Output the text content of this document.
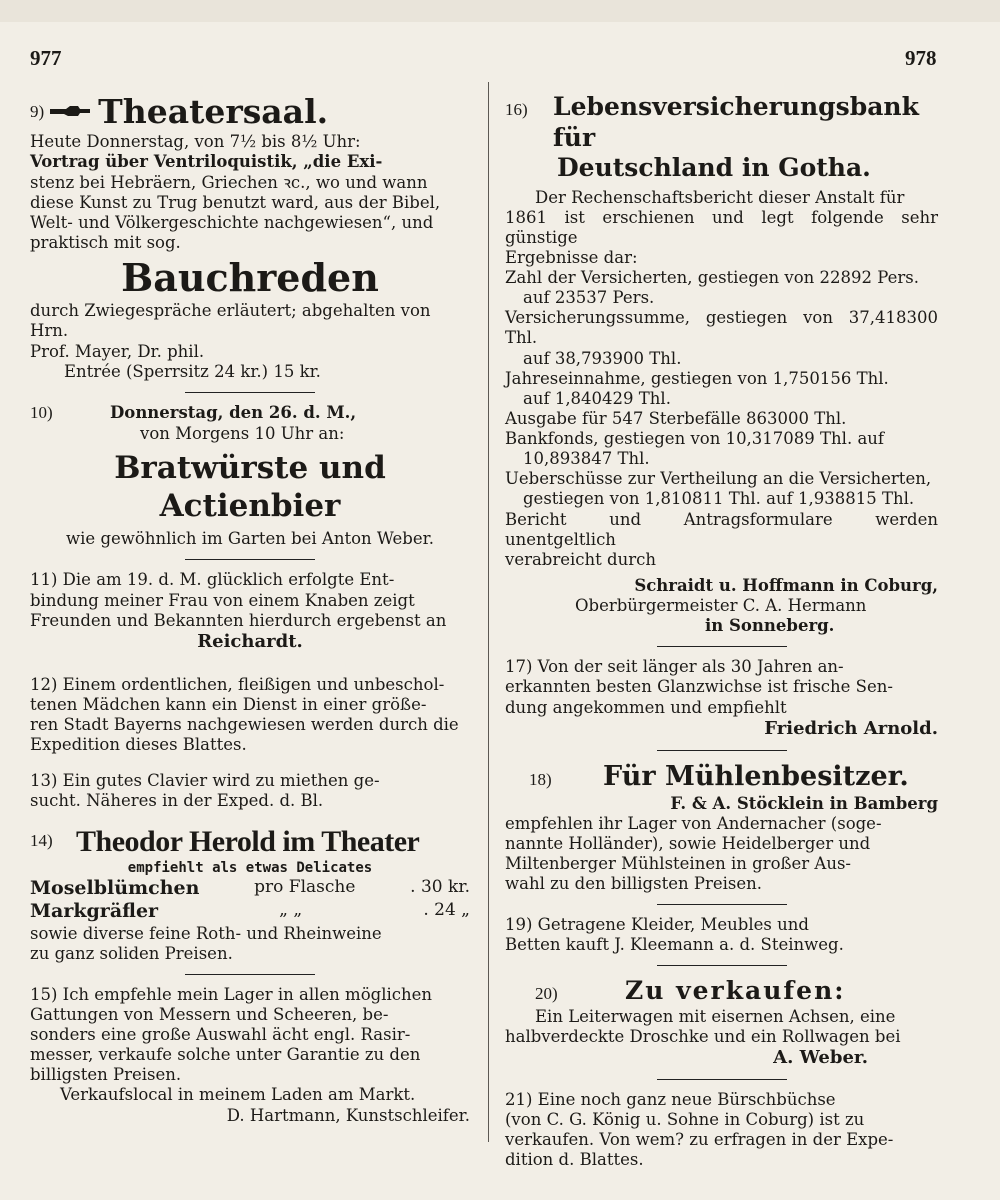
977	978
9) Theatersaal.

Heute Donnerstag, von 7½ bis 8½ Uhr:

Vortrag über Ventriloquistik, „die Exi-

stenz bei Hebräern, Griechen ꝛc., wo und wann

diese Kunst zu Trug benutzt ward, aus der Bibel,

Welt- und Völkergeschichte nachgewiesen“, und

praktisch mit sog.

Bauchreden

durch Zwiegespräche erläutert; abgehalten von Hrn.

Prof. Mayer, Dr. phil.

Entrée (Sperrsitz 24 kr.) 15 kr.

10)	Donnerstag, den 26. d. M.,

von Morgens 10 Uhr an:

Bratwürste und Actienbier

wie gewöhnlich im Garten bei Anton Weber.

11) Die am 19. d. M. glücklich erfolgte Ent-

bindung meiner Frau von einem Knaben zeigt

Freunden und Bekannten hierdurch ergebenst an

Reichardt.

12) Einem ordentlichen, fleißigen und unbeschol-

tenen Mädchen kann ein Dienst in einer größe-

ren Stadt Bayerns nachgewiesen werden durch die

Expedition dieses Blattes.

13) Ein gutes Clavier wird zu miethen ge-

sucht. Näheres in der Exped. d. Bl.

14) Theodor Herold im Theater

empfiehlt als etwas Delicates

Moselblümchen	pro Flasche	. 30 kr.
Markgräfler	„ „	. 24 „

sowie diverse feine Roth- und Rheinweine

zu ganz soliden Preisen.

15) Ich empfehle mein Lager in allen möglichen

Gattungen von Messern und Scheeren, be-

sonders eine große Auswahl ächt engl. Rasir-

messer, verkaufe solche unter Garantie zu den

billigsten Preisen.

Verkaufslocal in meinem Laden am Markt.

D. Hartmann, Kunstschleifer.

16)	Lebensversicherungsbank für
Deutschland in Gotha.

Der Rechenschaftsbericht dieser Anstalt für

1861 ist erschienen und legt folgende sehr günstige

Ergebnisse dar:

Zahl der Versicherten, gestiegen von 22892 Pers.

auf 23537 Pers.

Versicherungssumme, gestiegen von 37,418300 Thl.

auf 38,793900 Thl.

Jahreseinnahme, gestiegen von 1,750156 Thl.

auf 1,840429 Thl.

Ausgabe für 547 Sterbefälle 863000 Thl.

Bankfonds, gestiegen von 10,317089 Thl. auf

10,893847 Thl.

Ueberschüsse zur Vertheilung an die Versicherten,

gestiegen von 1,810811 Thl. auf 1,938815 Thl.

Bericht und Antragsformulare werden unentgeltlich

verabreicht durch

Schraidt u. Hoffmann in Coburg,

Oberbürgermeister C. A. Hermann

in Sonneberg.

17) Von der seit länger als 30 Jahren an-

erkannten besten Glanzwichse ist frische Sen-

dung angekommen und empfiehlt

Friedrich Arnold.

18)	Für Mühlenbesitzer.

F. & A. Stöcklein in Bamberg

empfehlen ihr Lager von Andernacher (soge-

nannte Holländer), sowie Heidelberger und

Miltenberger Mühlsteinen in großer Aus-

wahl zu den billigsten Preisen.

19) Getragene Kleider, Meubles und

Betten kauft J. Kleemann a. d. Steinweg.

20)	Zu verkaufen:

Ein Leiterwagen mit eisernen Achsen, eine

halbverdeckte Droschke und ein Rollwagen bei

A. Weber.

21) Eine noch ganz neue Bürschbüchse

(von C. G. König u. Sohne in Coburg) ist zu

verkaufen. Von wem? zu erfragen in der Expe-

dition d. Blattes.
